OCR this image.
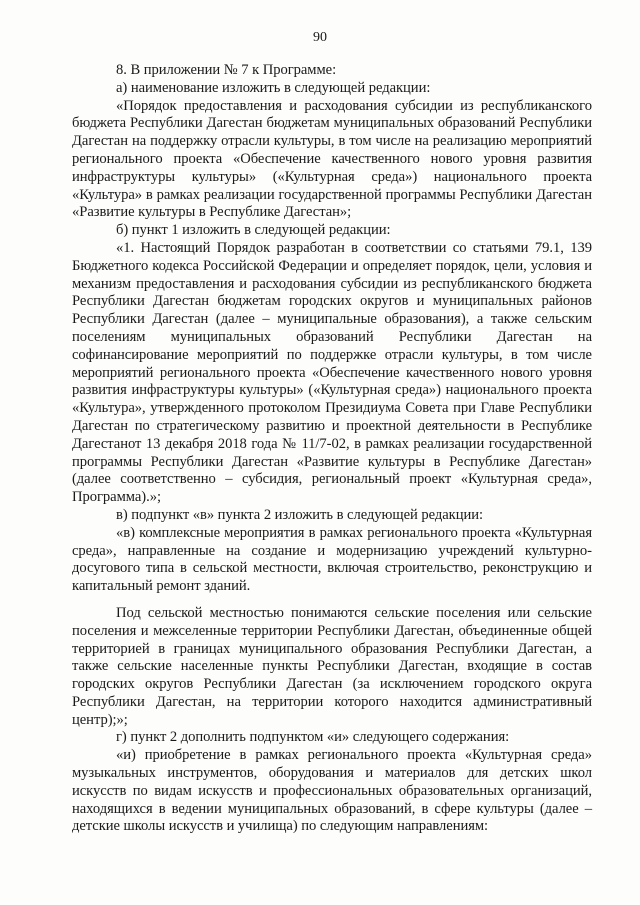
90

8. В приложении № 7 к Программе:

а) наименование изложить в следующей редакции:

«Порядок предоставления и расходования субсидии из республиканского бюджета Республики Дагестан бюджетам муниципальных образований Республики Дагестан на поддержку отрасли культуры, в том числе на реализацию мероприятий регионального проекта «Обеспечение качественного нового уровня развития инфраструктуры культуры» («Культурная среда») национального проекта «Культура» в рамках реализации государственной программы Республики Дагестан «Развитие культуры в Республике Дагестан»;

б) пункт 1 изложить в следующей редакции:

«1. Настоящий Порядок разработан в соответствии со статьями 79.1, 139 Бюджетного кодекса Российской Федерации и определяет порядок, цели, условия и механизм предоставления и расходования субсидии из республиканского бюджета Республики Дагестан бюджетам городских округов и муниципальных районов Республики Дагестан (далее – муниципальные образования), а также сельским поселениям муниципальных образований Республики Дагестан на софинансирование мероприятий по поддержке отрасли культуры, в том числе мероприятий регионального проекта «Обеспечение качественного нового уровня развития инфраструктуры культуры» («Культурная среда») национального проекта «Культура», утвержденного протоколом Президиума Совета при Главе Республики Дагестан по стратегическому развитию и проектной деятельности в Республике Дагестанот 13 декабря 2018 года № 11/7-02, в рамках реализации государственной программы Республики Дагестан «Развитие культуры в Республике Дагестан» (далее соответственно – субсидия, региональный проект «Культурная среда», Программа).»;

в) подпункт «в» пункта 2 изложить в следующей редакции:

«в) комплексные мероприятия в рамках регионального проекта «Культурная среда», направленные на создание и модернизацию учреждений культурно-досугового типа в сельской местности, включая строительство, реконструкцию и капитальный ремонт зданий.

Под сельской местностью понимаются сельские поселения или сельские поселения и межселенные территории Республики Дагестан, объединенные общей территорией в границах муниципального образования Республики Дагестан, а также сельские населенные пункты Республики Дагестан, входящие в состав городских округов Республики Дагестан (за исключением городского округа Республики Дагестан, на территории которого находится административный центр);»;

г) пункт 2 дополнить подпунктом «и» следующего содержания:

«и) приобретение в рамках регионального проекта «Культурная среда» музыкальных инструментов, оборудования и материалов для детских школ искусств по видам искусств и профессиональных образовательных организаций, находящихся в ведении муниципальных образований, в сфере культуры (далее – детские школы искусств и училища) по следующим направлениям:
